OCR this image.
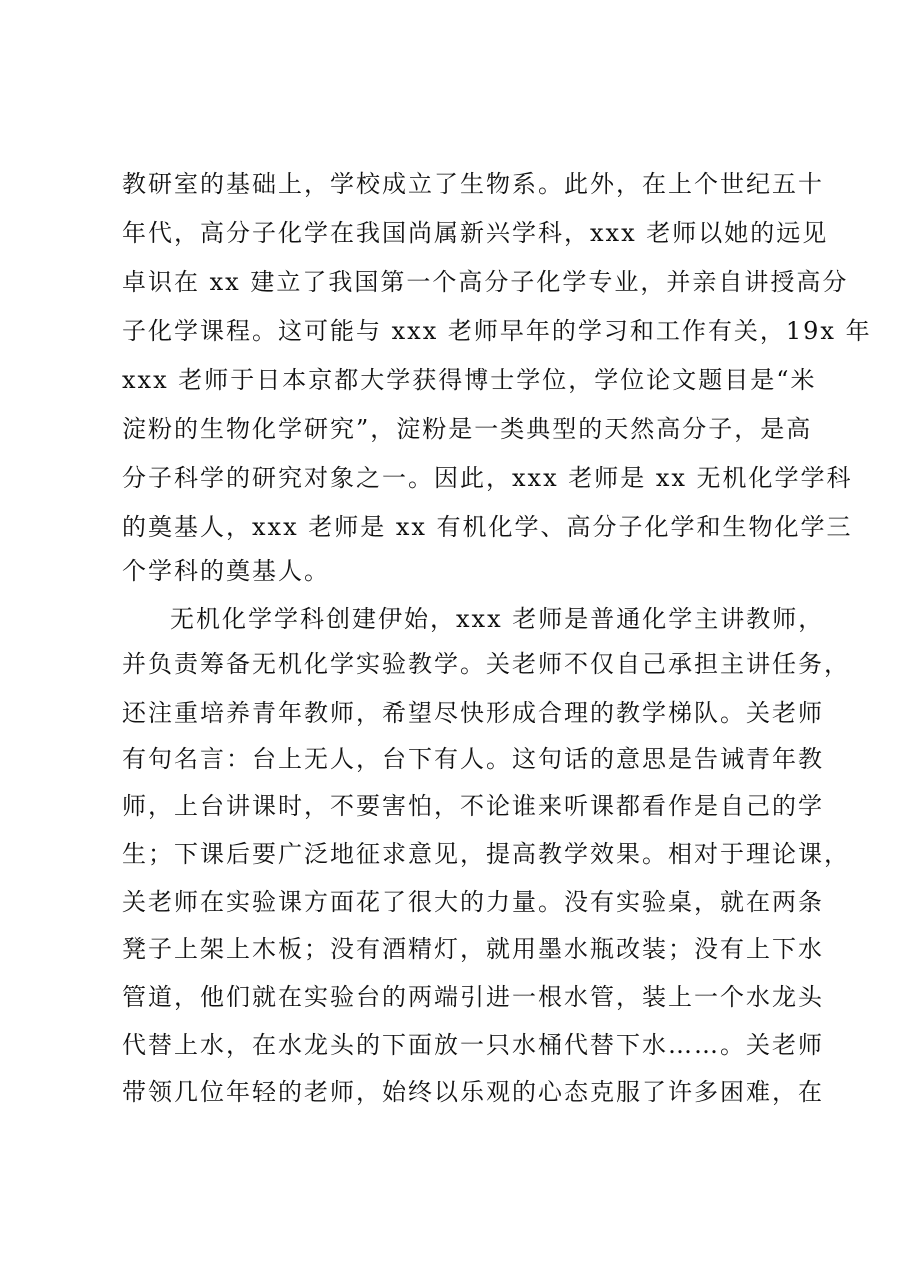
教研室的基础上，学校成立了生物系。此外，在上个世纪五十
年代，高分子化学在我国尚属新兴学科，xxx 老师以她的远见
卓识在 xx 建立了我国第一个高分子化学专业，并亲自讲授高分
子化学课程。这可能与 xxx 老师早年的学习和工作有关，19x 年
xxx 老师于日本京都大学获得博士学位，学位论文题目是“米
淀粉的生物化学研究”，淀粉是一类典型的天然高分子，是高
分子科学的研究对象之一。因此，xxx 老师是 xx 无机化学学科
的奠基人，xxx 老师是 xx 有机化学、高分子化学和生物化学三
个学科的奠基人。
无机化学学科创建伊始，xxx 老师是普通化学主讲教师，
并负责筹备无机化学实验教学。关老师不仅自己承担主讲任务，
还注重培养青年教师，希望尽快形成合理的教学梯队。关老师
有句名言：台上无人，台下有人。这句话的意思是告诫青年教
师，上台讲课时，不要害怕，不论谁来听课都看作是自己的学
生；下课后要广泛地征求意见，提高教学效果。相对于理论课，
关老师在实验课方面花了很大的力量。没有实验桌，就在两条
凳子上架上木板；没有酒精灯，就用墨水瓶改装；没有上下水
管道，他们就在实验台的两端引进一根水管，装上一个水龙头
代替上水，在水龙头的下面放一只水桶代替下水……。关老师
带领几位年轻的老师，始终以乐观的心态克服了许多困难，在
